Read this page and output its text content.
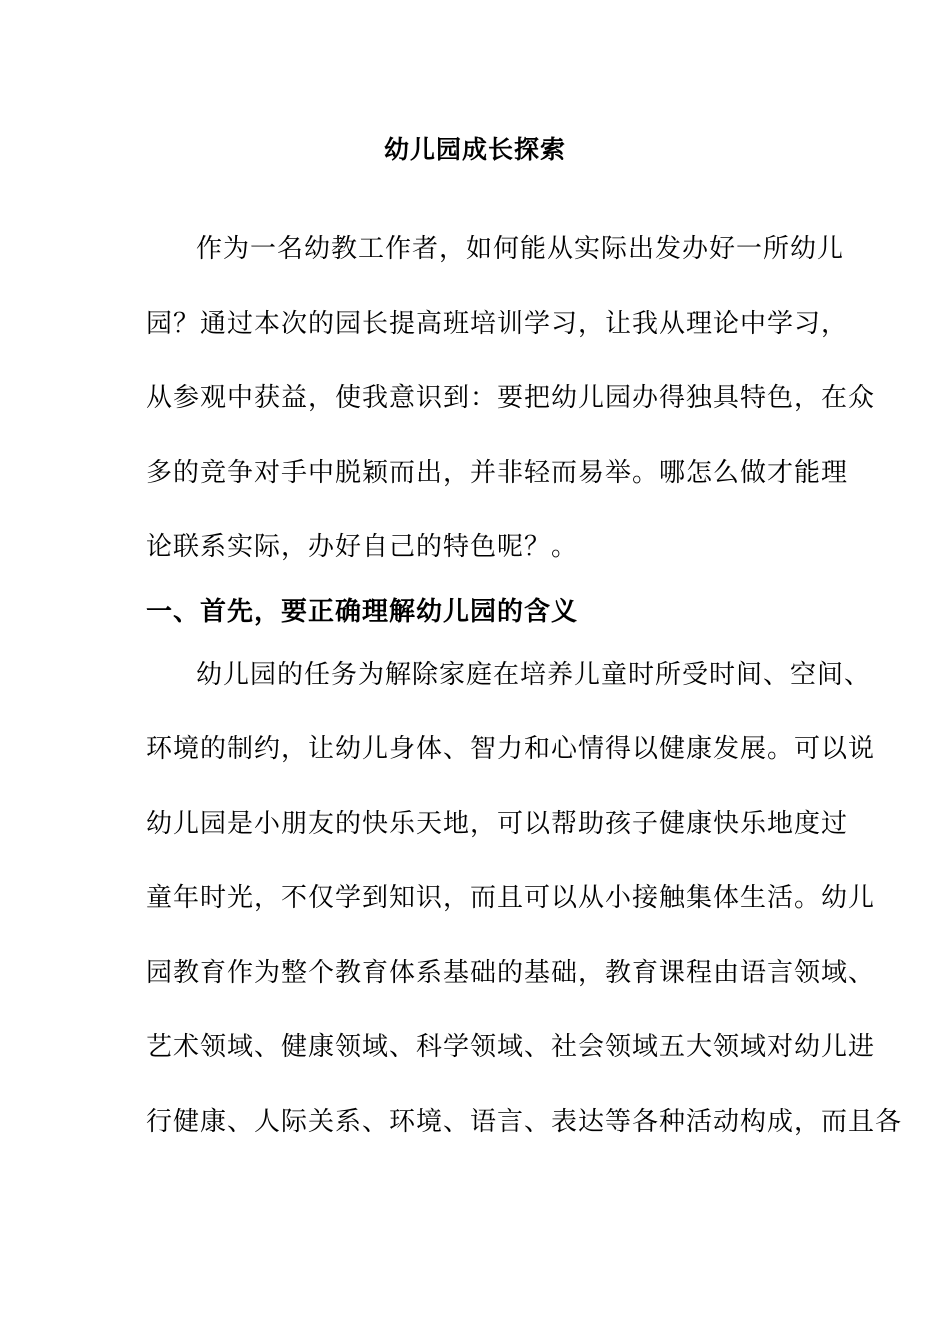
幼儿园成长探索
作为一名幼教工作者，如何能从实际出发办好一所幼儿
园？通过本次的园长提高班培训学习，让我从理论中学习，
从参观中获益，使我意识到：要把幼儿园办得独具特色，在众
多的竞争对手中脱颖而出，并非轻而易举。哪怎么做才能理
论联系实际，办好自己的特色呢？。
一、首先，要正确理解幼儿园的含义
幼儿园的任务为解除家庭在培养儿童时所受时间、空间、
环境的制约，让幼儿身体、智力和心情得以健康发展。可以说
幼儿园是小朋友的快乐天地，可以帮助孩子健康快乐地度过
童年时光，不仅学到知识，而且可以从小接触集体生活。幼儿
园教育作为整个教育体系基础的基础，教育课程由语言领域、
艺术领域、健康领域、科学领域、社会领域五大领域对幼儿进
行健康、人际关系、环境、语言、表达等各种活动构成，而且各
